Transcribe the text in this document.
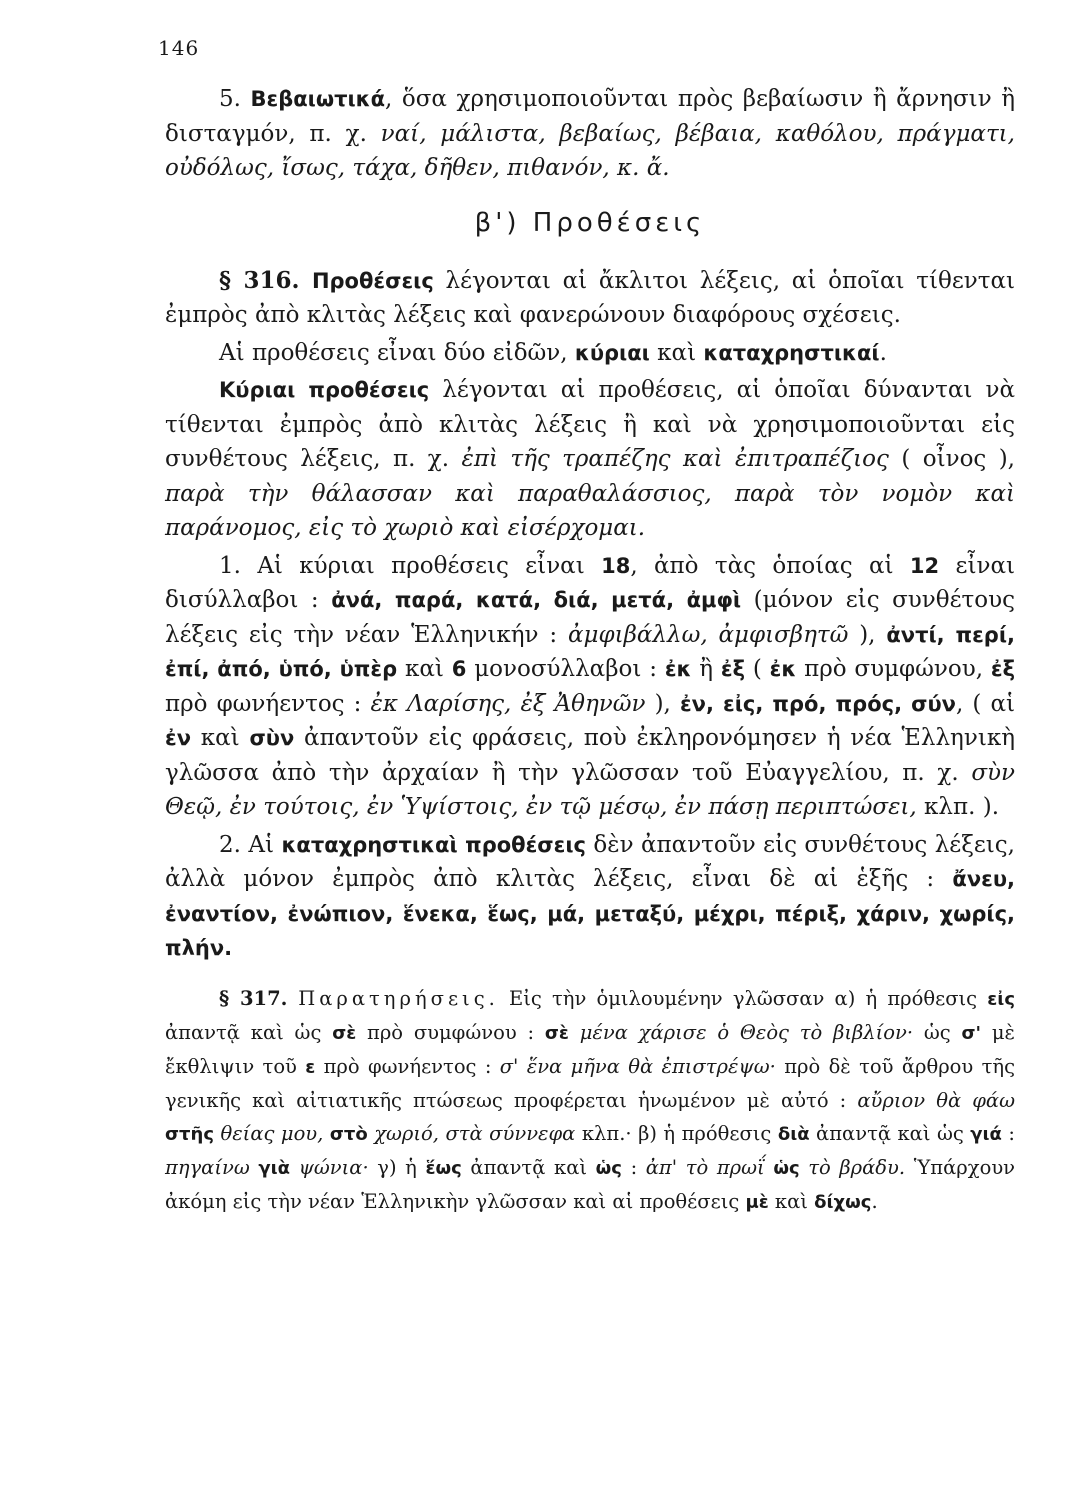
146

5. Βεβαιωτικά, ὅσα χρησιμοποιοῦνται πρὸς βεβαίωσιν ἢ ἄρνησιν ἢ δισταγμόν, π. χ. ναί, μάλιστα, βεβαίως, βέβαια, καθόλου, πράγματι, οὐδόλως, ἴσως, τάχα, δῆθεν, πιθανόν, κ. ἄ.

β') Προθέσεις

§ 316. Προθέσεις λέγονται αἱ ἄκλιτοι λέξεις, αἱ ὁποῖαι τίθενται ἐμπρὸς ἀπὸ κλιτὰς λέξεις καὶ φανερώνουν διαφόρους σχέσεις.

Αἱ προθέσεις εἶναι δύο εἰδῶν, κύριαι καὶ καταχρηστικαί.

Κύριαι προθέσεις λέγονται αἱ προθέσεις, αἱ ὁποῖαι δύνανται νὰ τίθενται ἐμπρὸς ἀπὸ κλιτὰς λέξεις ἢ καὶ νὰ χρησιμοποιοῦνται εἰς συνθέτους λέξεις, π. χ. ἐπὶ τῆς τραπέζης καὶ ἐπιτραπέζιος ( οἶνος ), παρὰ τὴν θάλασσαν καὶ παραθαλάσσιος, παρὰ τὸν νομὸν καὶ παράνομος, εἰς τὸ χωριὸ καὶ εἰσέρχομαι.

1. Αἱ κύριαι προθέσεις εἶναι 18, ἀπὸ τὰς ὁποίας αἱ 12 εἶναι δισύλλαβοι : ἀνά, παρά, κατά, διά, μετά, ἀμφὶ (μόνον εἰς συνθέτους λέξεις εἰς τὴν νέαν Ἑλληνικήν : ἀμφιβάλλω, ἀμφισβητῶ ), ἀντί, περί, ἐπί, ἀπό, ὑπό, ὑπὲρ καὶ 6 μονοσύλλαβοι : ἐκ ἢ ἐξ ( ἐκ πρὸ συμφώνου, ἐξ πρὸ φωνήεντος : ἐκ Λαρίσης, ἐξ Ἀθηνῶν ), ἐν, εἰς, πρό, πρός, σύν, ( αἱ ἐν καὶ σὺν ἀπαντοῦν εἰς φράσεις, ποὺ ἐκληρονόμησεν ἡ νέα Ἑλληνικὴ γλῶσσα ἀπὸ τὴν ἀρχαίαν ἢ τὴν γλῶσσαν τοῦ Εὐαγγελίου, π. χ. σὺν Θεῷ, ἐν τούτοις, ἐν Ὑψίστοις, ἐν τῷ μέσῳ, ἐν πάσῃ περιπτώσει, κλπ. ).

2. Αἱ καταχρηστικαὶ προθέσεις δὲν ἀπαντοῦν εἰς συνθέτους λέξεις, ἀλλὰ μόνον ἐμπρὸς ἀπὸ κλιτὰς λέξεις, εἶναι δὲ αἱ ἑξῆς : ἄνευ, ἐναντίον, ἐνώπιον, ἕνεκα, ἕως, μά, μεταξύ, μέχρι, πέριξ, χάριν, χωρίς, πλήν.

§ 317. Παρατηρήσεις. Εἰς τὴν ὁμιλουμένην γλῶσσαν α) ἡ πρόθεσις εἰς ἀπαντᾷ καὶ ὡς σὲ πρὸ συμφώνου : σὲ μένα χάρισε ὁ Θεὸς τὸ βιβλίον· ὡς σ' μὲ ἔκθλιψιν τοῦ ε πρὸ φωνήεντος : σ' ἕνα μῆνα θὰ ἐπιστρέψω· πρὸ δὲ τοῦ ἄρθρου τῆς γενικῆς καὶ αἰτιατικῆς πτώσεως προφέρεται ἡνωμένον μὲ αὐτό : αὔριον θὰ φάω στῆς θείας μου, στὸ χωριό, στὰ σύννεφα κλπ.· β) ἡ πρόθεσις διὰ ἀπαντᾷ καὶ ὡς γιά : πηγαίνω γιὰ ψώνια· γ) ἡ ἕως ἀπαντᾷ καὶ ὡς : ἀπ' τὸ πρωΐ ὡς τὸ βράδυ. Ὑπάρχουν ἀκόμη εἰς τὴν νέαν Ἑλληνικὴν γλῶσσαν καὶ αἱ προθέσεις μὲ καὶ δίχως.
